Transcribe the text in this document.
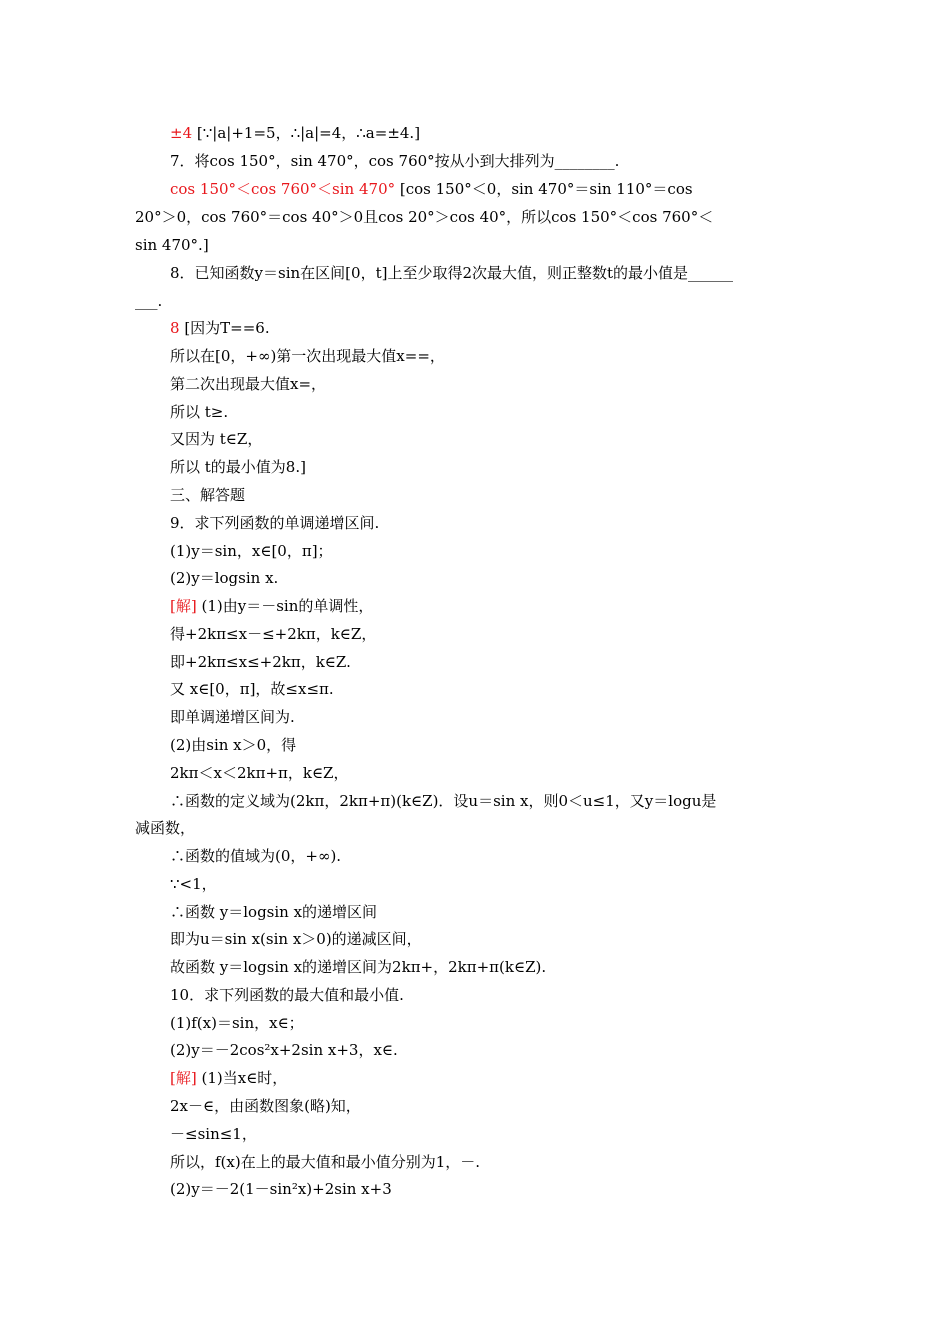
±4 [∵|a|+1=5，∴|a|=4，∴a=±4.]
7．将cos 150°，sin 470°，cos 760°按从小到大排列为________.
cos 150°＜cos 760°＜sin 470° [cos 150°＜0，sin 470°＝sin 110°＝cos
20°＞0，cos 760°＝cos 40°＞0且cos 20°＞cos 40°，所以cos 150°＜cos 760°＜
sin 470°.]
8．已知函数y＝sin在区间[0，t]上至少取得2次最大值，则正整数t的最小值是______
___.
8 [因为T==6.
所以在[0，+∞)第一次出现最大值x==，
第二次出现最大值x=，
所以 t≥.
又因为 t∈Z，
所以 t的最小值为8.]
三、解答题
9．求下列函数的单调递增区间.
(1)y＝sin，x∈[0，π]；
(2)y＝logsin x.
[解] (1)由y＝－sin的单调性，
得+2kπ≤x－≤+2kπ，k∈Z，
即+2kπ≤x≤+2kπ，k∈Z.
又 x∈[0，π]，故≤x≤π.
即单调递增区间为.
(2)由sin x＞0，得
2kπ＜x＜2kπ+π，k∈Z，
∴函数的定义域为(2kπ，2kπ+π)(k∈Z)．设u＝sin x，则0＜u≤1，又y＝logu是
减函数，
∴函数的值域为(0，+∞).
∵<1，
∴函数 y＝logsin x的递增区间
即为u＝sin x(sin x＞0)的递减区间，
故函数 y＝logsin x的递增区间为2kπ+，2kπ+π(k∈Z).
10．求下列函数的最大值和最小值.
(1)f(x)＝sin，x∈；
(2)y＝－2cos²x+2sin x+3，x∈.
[解] (1)当x∈时，
2x－∈，由函数图象(略)知，
－≤sin≤1，
所以，f(x)在上的最大值和最小值分别为1，－.
(2)y＝－2(1－sin²x)+2sin x+3
